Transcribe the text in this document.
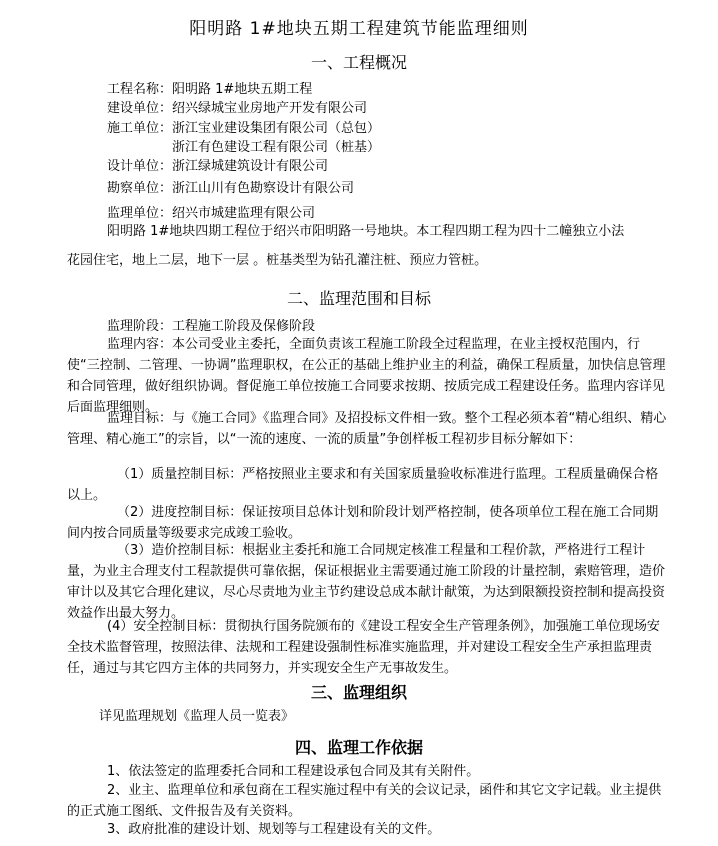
阳明路 1#地块五期工程建筑节能监理细则
一、工程概况
工程名称：阳明路 1#地块五期工程
建设单位：绍兴绿城宝业房地产开发有限公司
施工单位：浙江宝业建设集团有限公司（总包）
浙江有色建设工程有限公司（桩基）
设计单位：浙江绿城建筑设计有限公司
勘察单位：浙江山川有色勘察设计有限公司
监理单位：绍兴市城建监理有限公司
阳明路 1#地块四期工程位于绍兴市阳明路一号地块。本工程四期工程为四十二幢独立小法
花园住宅，地上二层，地下一层 。桩基类型为钻孔灌注桩、预应力管桩。
二、监理范围和目标
监理阶段：工程施工阶段及保修阶段
监理内容：本公司受业主委托，全面负责该工程施工阶段全过程监理，在业主授权范围内，行使“三控制、二管理、一协调”监理职权，在公正的基础上维护业主的利益，确保工程质量，加快信息管理和合同管理，做好组织协调。督促施工单位按施工合同要求按期、按质完成工程建设任务。监理内容详见后面监理细则。
监理目标：与《施工合同》《监理合同》及招投标文件相一致。整个工程必须本着“精心组织、精心管理、精心施工”的宗旨，以“一流的速度、一流的质量”争创样板工程初步目标分解如下：
（1）质量控制目标：严格按照业主要求和有关国家质量验收标准进行监理。工程质量确保合格以上。
（2）进度控制目标：保证按项目总体计划和阶段计划严格控制，使各项单位工程在施工合同期间内按合同质量等级要求完成竣工验收。
（3）造价控制目标：根据业主委托和施工合同规定核准工程量和工程价款，严格进行工程计量，为业主合理支付工程款提供可靠依据，保证根据业主需要通过施工阶段的计量控制，索赔管理，造价审计以及其它合理化建议，尽心尽责地为业主节约建设总成本献计献策，为达到限额投资控制和提高投资效益作出最大努力。
(4）安全控制目标：贯彻执行国务院颁布的《建设工程安全生产管理条例》，加强施工单位现场安全技术监督管理，按照法律、法规和工程建设强制性标准实施监理，并对建设工程安全生产承担监理责任，通过与其它四方主体的共同努力，并实现安全生产无事故发生。
三、监理组织
详见监理规划《监理人员一览表》
四、监理工作依据
1、依法签定的监理委托合同和工程建设承包合同及其有关附件。
2、业主、监理单位和承包商在工程实施过程中有关的会议记录，函件和其它文字记载。业主提供的正式施工图纸、文件报告及有关资料。
3、政府批准的建设计划、规划等与工程建设有关的文件。
